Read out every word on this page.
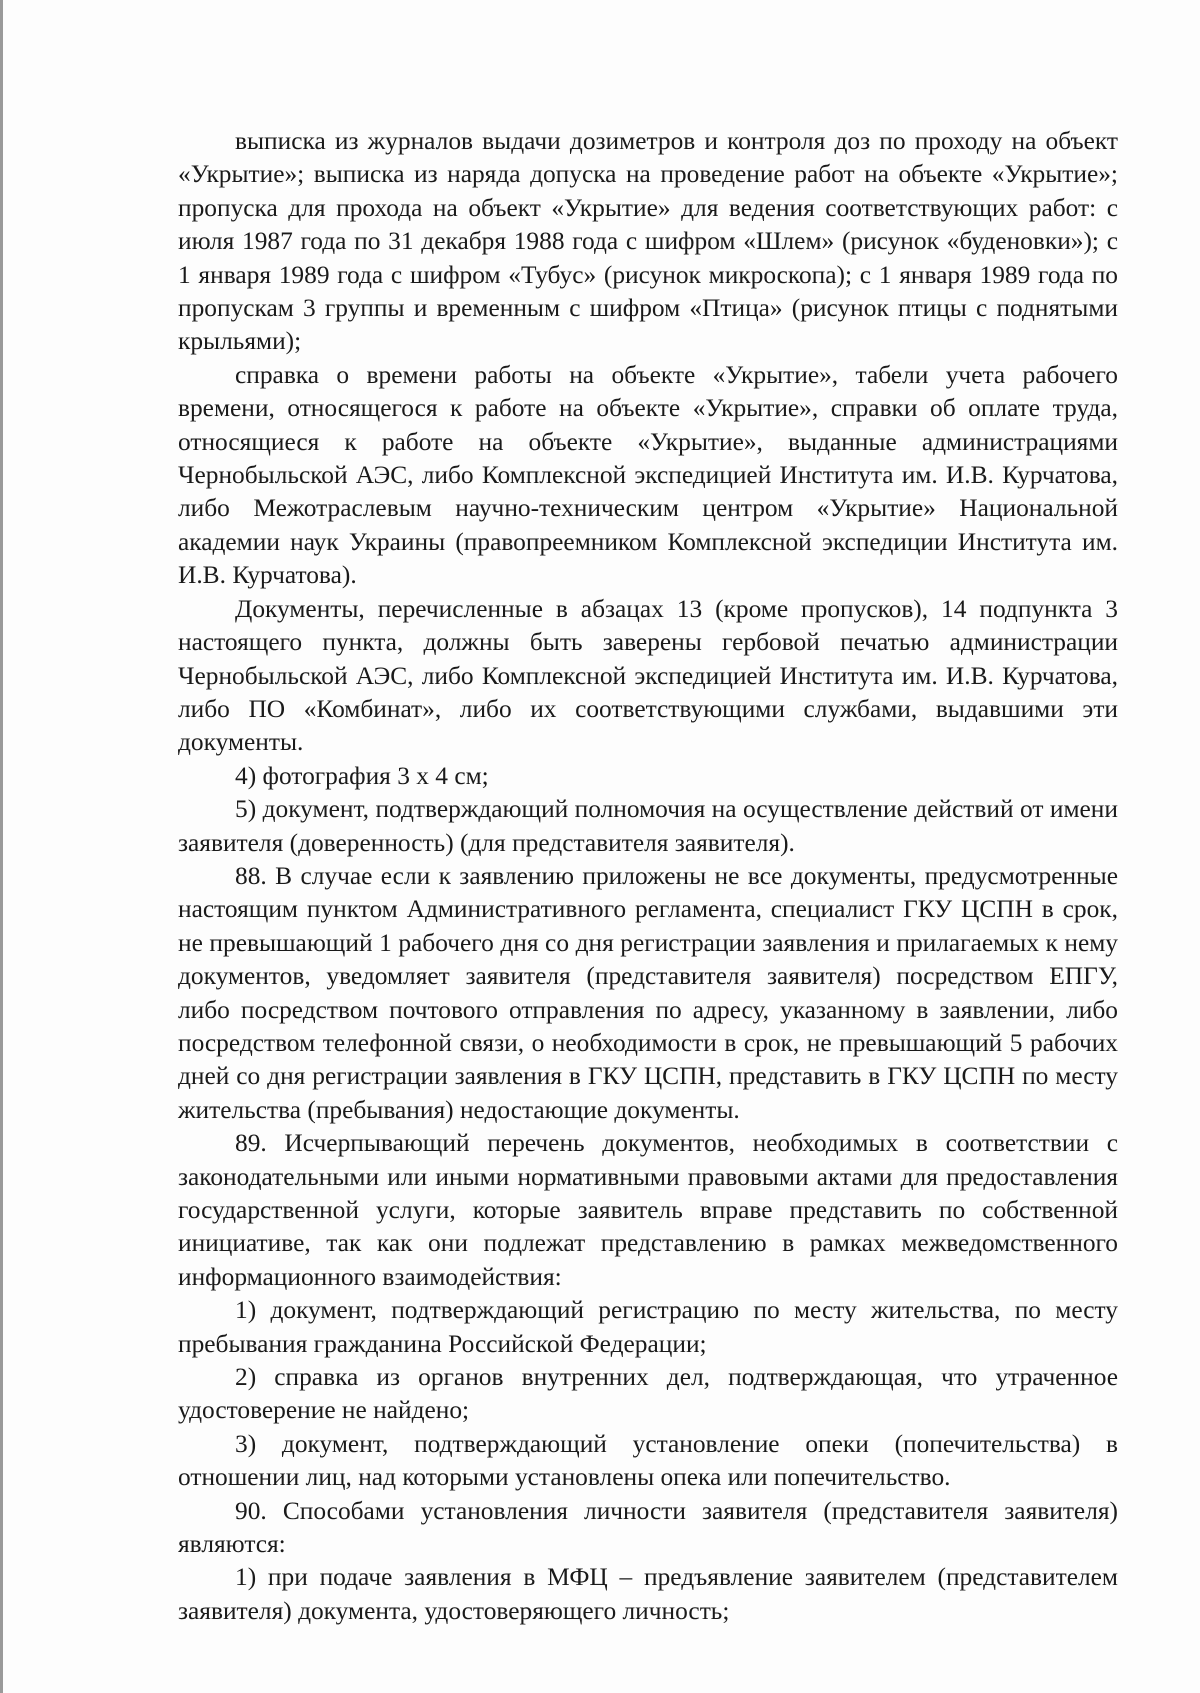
выписка из журналов выдачи дозиметров и контроля доз по проходу на объект «Укрытие»; выписка из наряда допуска на проведение работ на объекте «Укрытие»; пропуска для прохода на объект «Укрытие» для ведения соответствующих работ: с июля 1987 года по 31 декабря 1988 года с шифром «Шлем» (рисунок «буденовки»); с 1 января 1989 года с шифром «Тубус» (рисунок микроскопа); с 1 января 1989 года по пропускам 3 группы и временным с шифром «Птица» (рисунок птицы с поднятыми крыльями);

справка о времени работы на объекте «Укрытие», табели учета рабочего времени, относящегося к работе на объекте «Укрытие», справки об оплате труда, относящиеся к работе на объекте «Укрытие», выданные администрациями Чернобыльской АЭС, либо Комплексной экспедицией Института им. И.В. Курчатова, либо Межотраслевым научно-техническим центром «Укрытие» Национальной академии наук Украины (правопреемником Комплексной экспедиции Института им. И.В. Курчатова).

Документы, перечисленные в абзацах 13 (кроме пропусков), 14 подпункта 3 настоящего пункта, должны быть заверены гербовой печатью администрации Чернобыльской АЭС, либо Комплексной экспедицией Института им. И.В. Курчатова, либо ПО «Комбинат», либо их соответствующими службами, выдавшими эти документы.

4) фотография 3 х 4 см;

5) документ, подтверждающий полномочия на осуществление действий от имени заявителя (доверенность) (для представителя заявителя).

88. В случае если к заявлению приложены не все документы, предусмотренные настоящим пунктом Административного регламента, специалист ГКУ ЦСПН в срок, не превышающий 1 рабочего дня со дня регистрации заявления и прилагаемых к нему документов, уведомляет заявителя (представителя заявителя) посредством ЕПГУ, либо посредством почтового отправления по адресу, указанному в заявлении, либо посредством телефонной связи, о необходимости в срок, не превышающий 5 рабочих дней со дня регистрации заявления в ГКУ ЦСПН, представить в ГКУ ЦСПН по месту жительства (пребывания) недостающие документы.

89. Исчерпывающий перечень документов, необходимых в соответствии с законодательными или иными нормативными правовыми актами для предоставления государственной услуги, которые заявитель вправе представить по собственной инициативе, так как они подлежат представлению в рамках межведомственного информационного взаимодействия:

1) документ, подтверждающий регистрацию по месту жительства, по месту пребывания гражданина Российской Федерации;

2) справка из органов внутренних дел, подтверждающая, что утраченное удостоверение не найдено;

3) документ, подтверждающий установление опеки (попечительства) в отношении лиц, над которыми установлены опека или попечительство.

90. Способами установления личности заявителя (представителя заявителя) являются:

1) при подаче заявления в МФЦ – предъявление заявителем (представителем заявителя) документа, удостоверяющего личность;
